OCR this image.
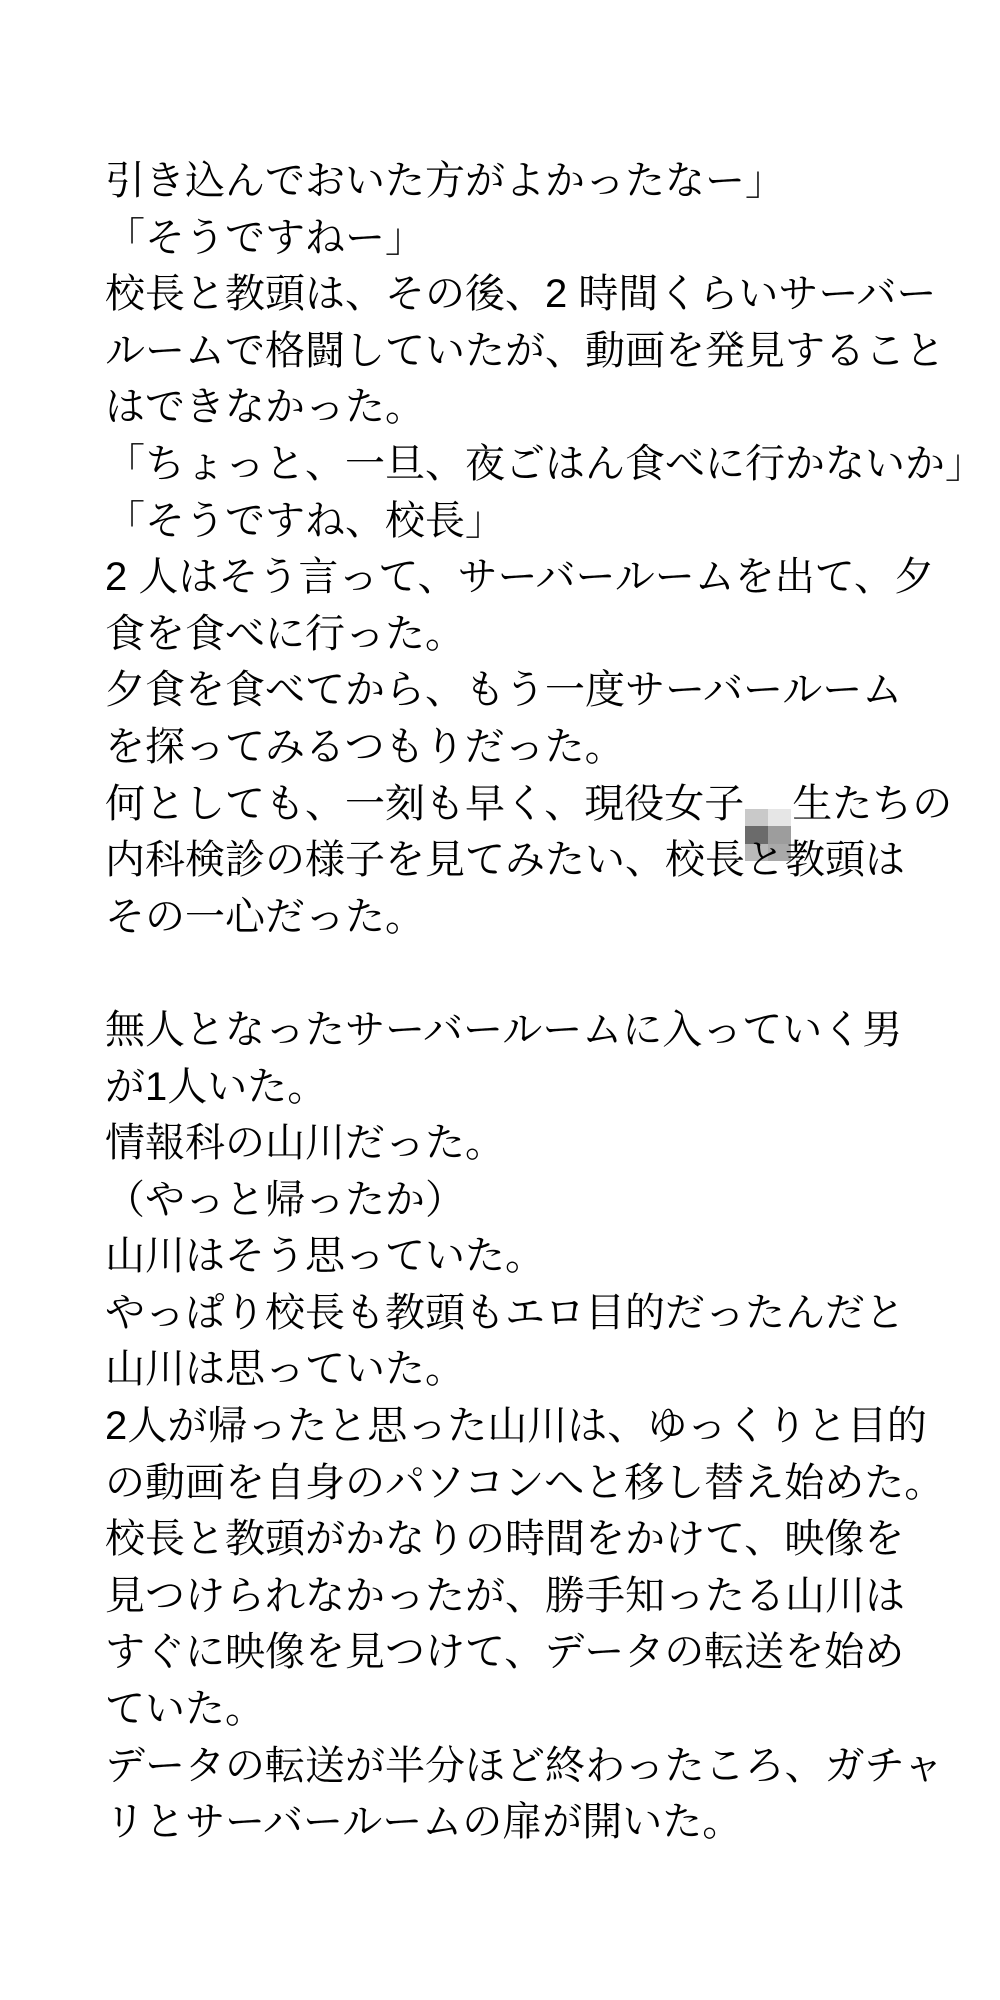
引き込んでおいた方がよかったなー」
「そうですねー」
校長と教頭は、その後、2 時間くらいサーバー
ルームで格闘していたが、動画を発見すること
はできなかった。
「ちょっと、一旦、夜ごはん食べに行かないか」
「そうですね、校長」
2 人はそう言って、サーバールームを出て、夕
食を食べに行った。
夕食を食べてから、もう一度サーバールーム
を探ってみるつもりだった。
何としても、一刻も早く、現役女子 生たちの
内科検診の様子を見てみたい、校長と教頭は
その一心だった。
無人となったサーバールームに入っていく男
が1人いた。
情報科の山川だった。
（やっと帰ったか）
山川はそう思っていた。
やっぱり校長も教頭もエロ目的だったんだと
山川は思っていた。
2人が帰ったと思った山川は、ゆっくりと目的
の動画を自身のパソコンへと移し替え始めた。
校長と教頭がかなりの時間をかけて、映像を
見つけられなかったが、勝手知ったる山川は
すぐに映像を見つけて、データの転送を始め
ていた。
データの転送が半分ほど終わったころ、ガチャ
リとサーバールームの扉が開いた。
